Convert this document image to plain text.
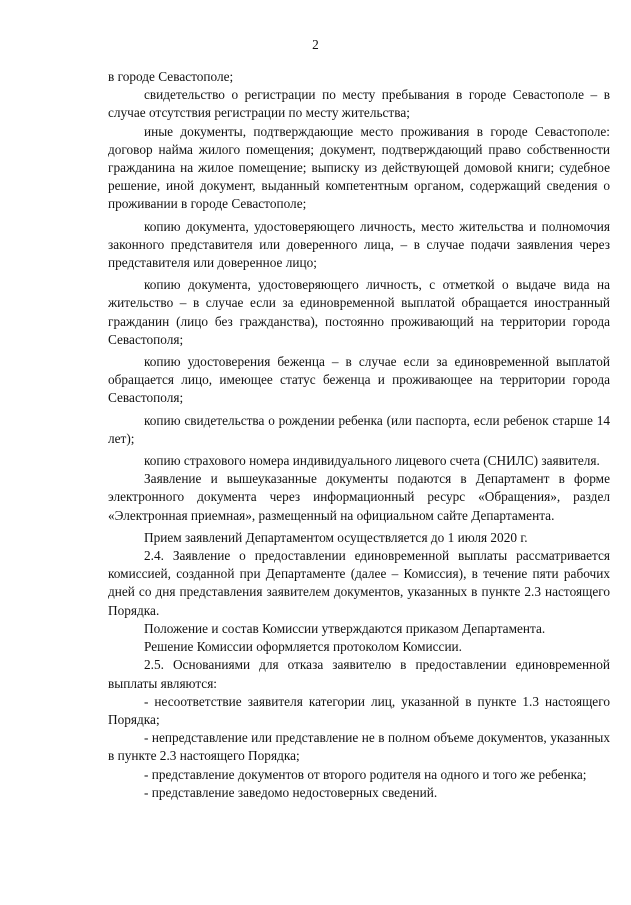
2

в городе Севастополе;

свидетельство о регистрации по месту пребывания в городе Севастополе – в случае отсутствия регистрации по месту жительства;

иные документы, подтверждающие место проживания в городе Севастополе: договор найма жилого помещения; документ, подтверждающий право собственности гражданина на жилое помещение; выписку из действующей домовой книги; судебное решение, иной документ, выданный компетентным органом, содержащий сведения о проживании в городе Севастополе;

копию документа, удостоверяющего личность, место жительства и полномочия законного представителя или доверенного лица, – в случае подачи заявления через представителя или доверенное лицо;

копию документа, удостоверяющего личность, с отметкой о выдаче вида на жительство – в случае если за единовременной выплатой обращается иностранный гражданин (лицо без гражданства), постоянно проживающий на территории города Севастополя;

копию удостоверения беженца – в случае если за единовременной выплатой обращается лицо, имеющее статус беженца и проживающее на территории города Севастополя;

копию свидетельства о рождении ребенка (или паспорта, если ребенок старше 14 лет);

копию страхового номера индивидуального лицевого счета (СНИЛС) заявителя.

Заявление и вышеуказанные документы подаются в Департамент в форме электронного документа через информационный ресурс «Обращения», раздел «Электронная приемная», размещенный на официальном сайте Департамента.

Прием заявлений Департаментом осуществляется до 1 июля 2020 г.

2.4. Заявление о предоставлении единовременной выплаты рассматривается комиссией, созданной при Департаменте (далее – Комиссия), в течение пяти рабочих дней со дня представления заявителем документов, указанных в пункте 2.3 настоящего Порядка.

Положение и состав Комиссии утверждаются приказом Департамента.

Решение Комиссии оформляется протоколом Комиссии.

2.5. Основаниями для отказа заявителю в предоставлении единовременной выплаты являются:

- несоответствие заявителя категории лиц, указанной в пункте 1.3 настоящего Порядка;

- непредставление или представление не в полном объеме документов, указанных в пункте 2.3 настоящего Порядка;

- представление документов от второго родителя на одного и того же ребенка;

- представление заведомо недостоверных сведений.
